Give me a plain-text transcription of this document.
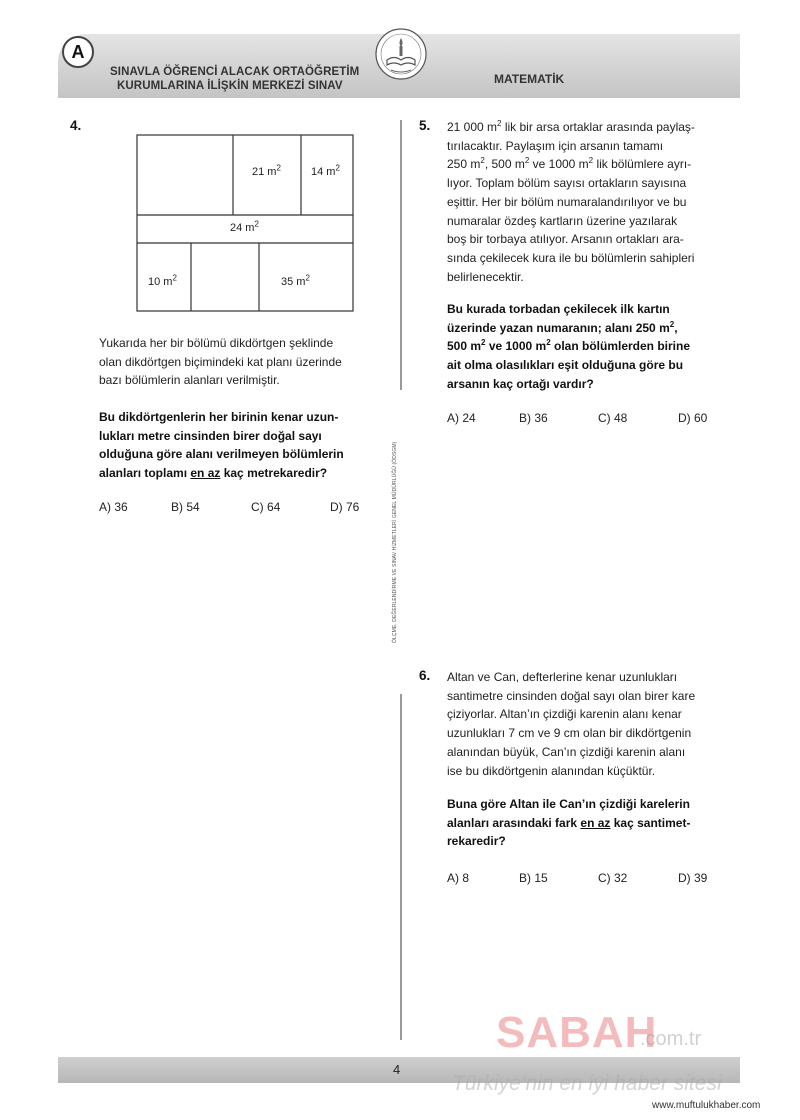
A
SINAVLA ÖĞRENCİ ALACAK ORTAÖĞRETİM
KURUMLARINA İLİŞKİN MERKEZİ SINAV	MATEMATİK
ÖLÇME, DEĞERLENDİRME VE SINAV HİZMETLERİ GENEL MÜDÜRLÜĞÜ (ÖDSGM)
4.
21 $m^2$	14 $m^2$
24 $m^2$
10 $m^2$	35 $m^2$
Yukarıda her bir bölümü dikdörtgen şeklinde
olan dikdörtgen biçimindeki kat planı üzerinde
bazı bölümlerin alanları verilmiştir.
Bu dikdörtgenlerin her birinin kenar uzun-
lukları metre cinsinden birer doğal sayı
olduğuna göre alanı verilmeyen bölümlerin
alanları toplamı en az kaç metrekaredir?
A) 36	B) 54	C) 64	D) 76
5. 21 000 $m^2$ lik bir arsa ortaklar arasında paylaş-
tırılacaktır. Paylaşım için arsanın tamamı
250 $m^2$, 500 $m^2$ ve 1000 $m^2$ lik bölümlere ayrı-
lıyor. Toplam bölüm sayısı ortakların sayısına
eşittir. Her bir bölüm numaralandırılıyor ve bu
numaralar özdeş kartların üzerine yazılarak
boş bir torbaya atılıyor. Arsanın ortakları ara-
sında çekilecek kura ile bu bölümlerin sahipleri
belirlenecektir.
Bu kurada torbadan çekilecek ilk kartın
üzerinde yazan numaranın; alanı 250 $m^2$,
500 $m^2$ ve 1000 $m^2$ olan bölümlerden birine
ait olma olasılıkları eşit olduğuna göre bu
arsanın kaç ortağı vardır?
A) 24	B) 36	C) 48	D) 60
6. Altan ve Can, defterlerine kenar uzunlukları
santimetre cinsinden doğal sayı olan birer kare
çiziyorlar. Altan’ın çizdiği karenin alanı kenar
uzunlukları 7 cm ve 9 cm olan bir dikdörtgenin
alanından büyük, Can’ın çizdiği karenin alanı
ise bu dikdörtgenin alanından küçüktür.
Buna göre Altan ile Can’ın çizdiği karelerin
alanları arasındaki fark en az kaç santimet-
rekaredir?
A) 8	B) 15	C) 32	D) 39
SABAH
.com.tr
4
Türkiye’nin en iyi haber sitesi
www.muftulukhaber.com
